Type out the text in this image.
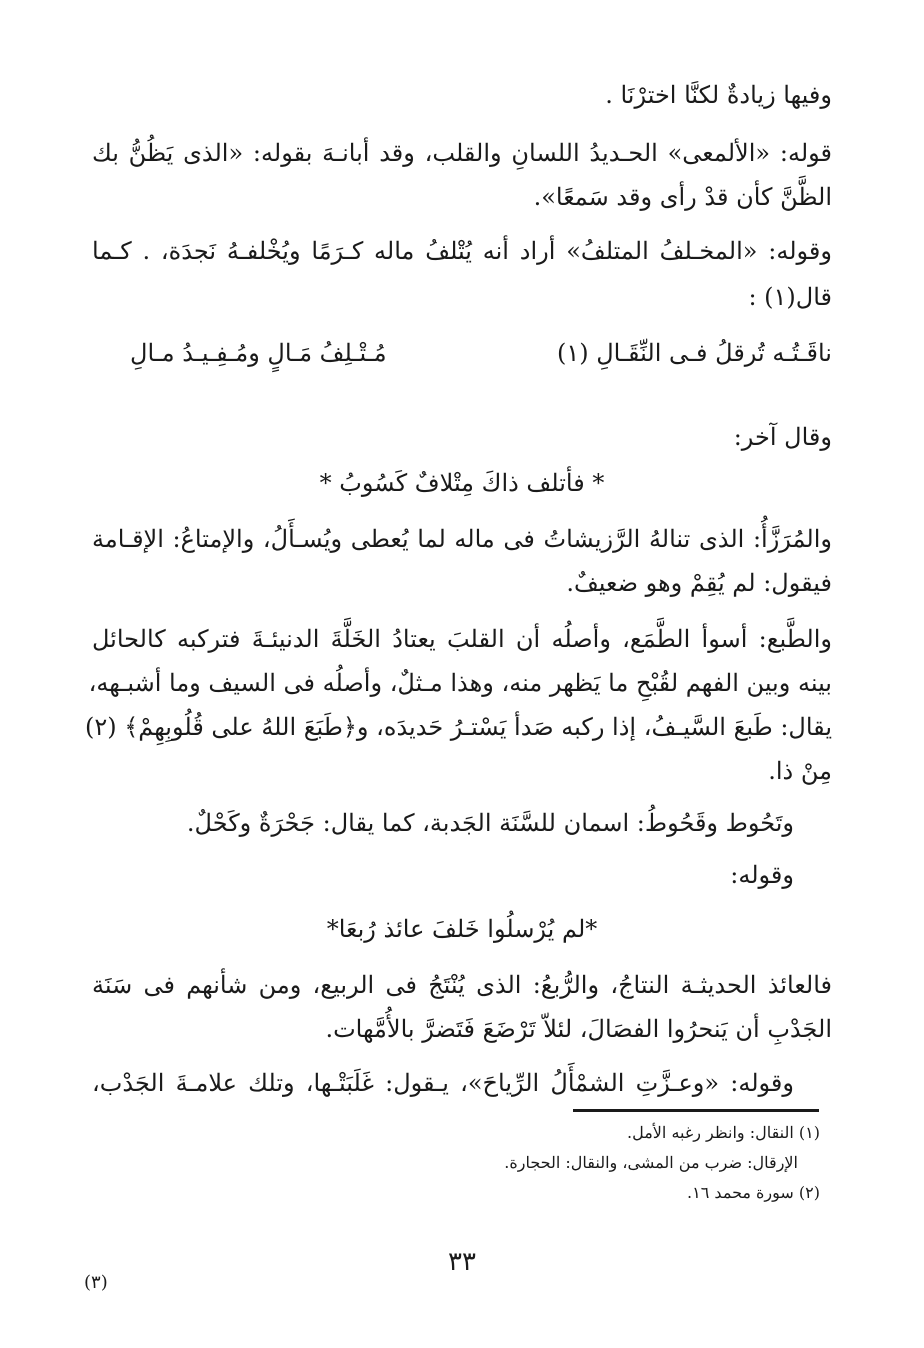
وفيها زيادةٌ لكنَّا اخترْنَا .
قوله: «الألمعى» الحـديدُ اللسانِ والقلب، وقد أبانـهَ بقوله: «الذى يَظُنُّ بك
الظَّنَّ كأن قدْ رأى وقد سَمعًا».
وقوله: «المخـلفُ المتلفُ» أراد أنه يُتْلفُ ماله كـرَمًا ويُخْلفـهُ نَجدَة، . كـما
قال(١) :
ناقَـتُـه تُرقلُ فـى النِّقَـالِ (١)
مُـتْـلِفُ مَـالٍ ومُـفِـيـدُ مـالِ
وقال آخر:
* فأتلف ذاكَ مِتْلافٌ كَسُوبُ *
والمُرَزَّأُ: الذى تنالهُ الرَّزيشاتُ فى ماله لما يُعطى ويُسـأَلُ، والإمتاعُ: الإقـامة
فيقول: لم يُقِمْ وهو ضعيفٌ.
والطَّبع: أسوأ الطَّمَع، وأصلُه أن القلبَ يعتادُ الخَلَّةَ الدنيئـةَ فتركبه كالحائل
بينه وبين الفهم لقُبْحِ ما يَظهر منه، وهذا مـثلٌ، وأصلُه فى السيف وما أشبـهه،
يقال: طَبعَ السَّيـفُ، إذا ركبه صَدأ يَسْتـرُ حَديدَه، و﴿طَبَعَ اللهُ على قُلُوبِهِمْ﴾ (٢)
مِنْ ذا.
وتَحُوط وقَحُوطُ: اسمان للسَّنَة الجَدبة، كما يقال: جَحْرَةٌ وكَحْلٌ.
وقوله:
*لم يُرْسلُوا خَلفَ عائذ رُبعَا*
فالعائذ الحديثـة النتاجُ، والرُّبعُ: الذى يُنْتَجُ فى الربيع، ومن شأنهم فى سَنَة
الجَدْبِ أن يَنحرُوا الفصَالَ، لئلاّ تَرْضَعَ فَتَضرَّ بالأُمَّهات.
وقوله: «وعـزَّتِ الشمْأَلُ الرِّياحَ»، يـقول: غَلَبَتْـها، وتلك علامـةَ الجَدْب،
(١) النقال: وانظر رغبه الأمل.
الإرقال: ضرب من المشى، والنقال: الحجارة.
(٢) سورة محمد ١٦.
٣٣
(٣)
